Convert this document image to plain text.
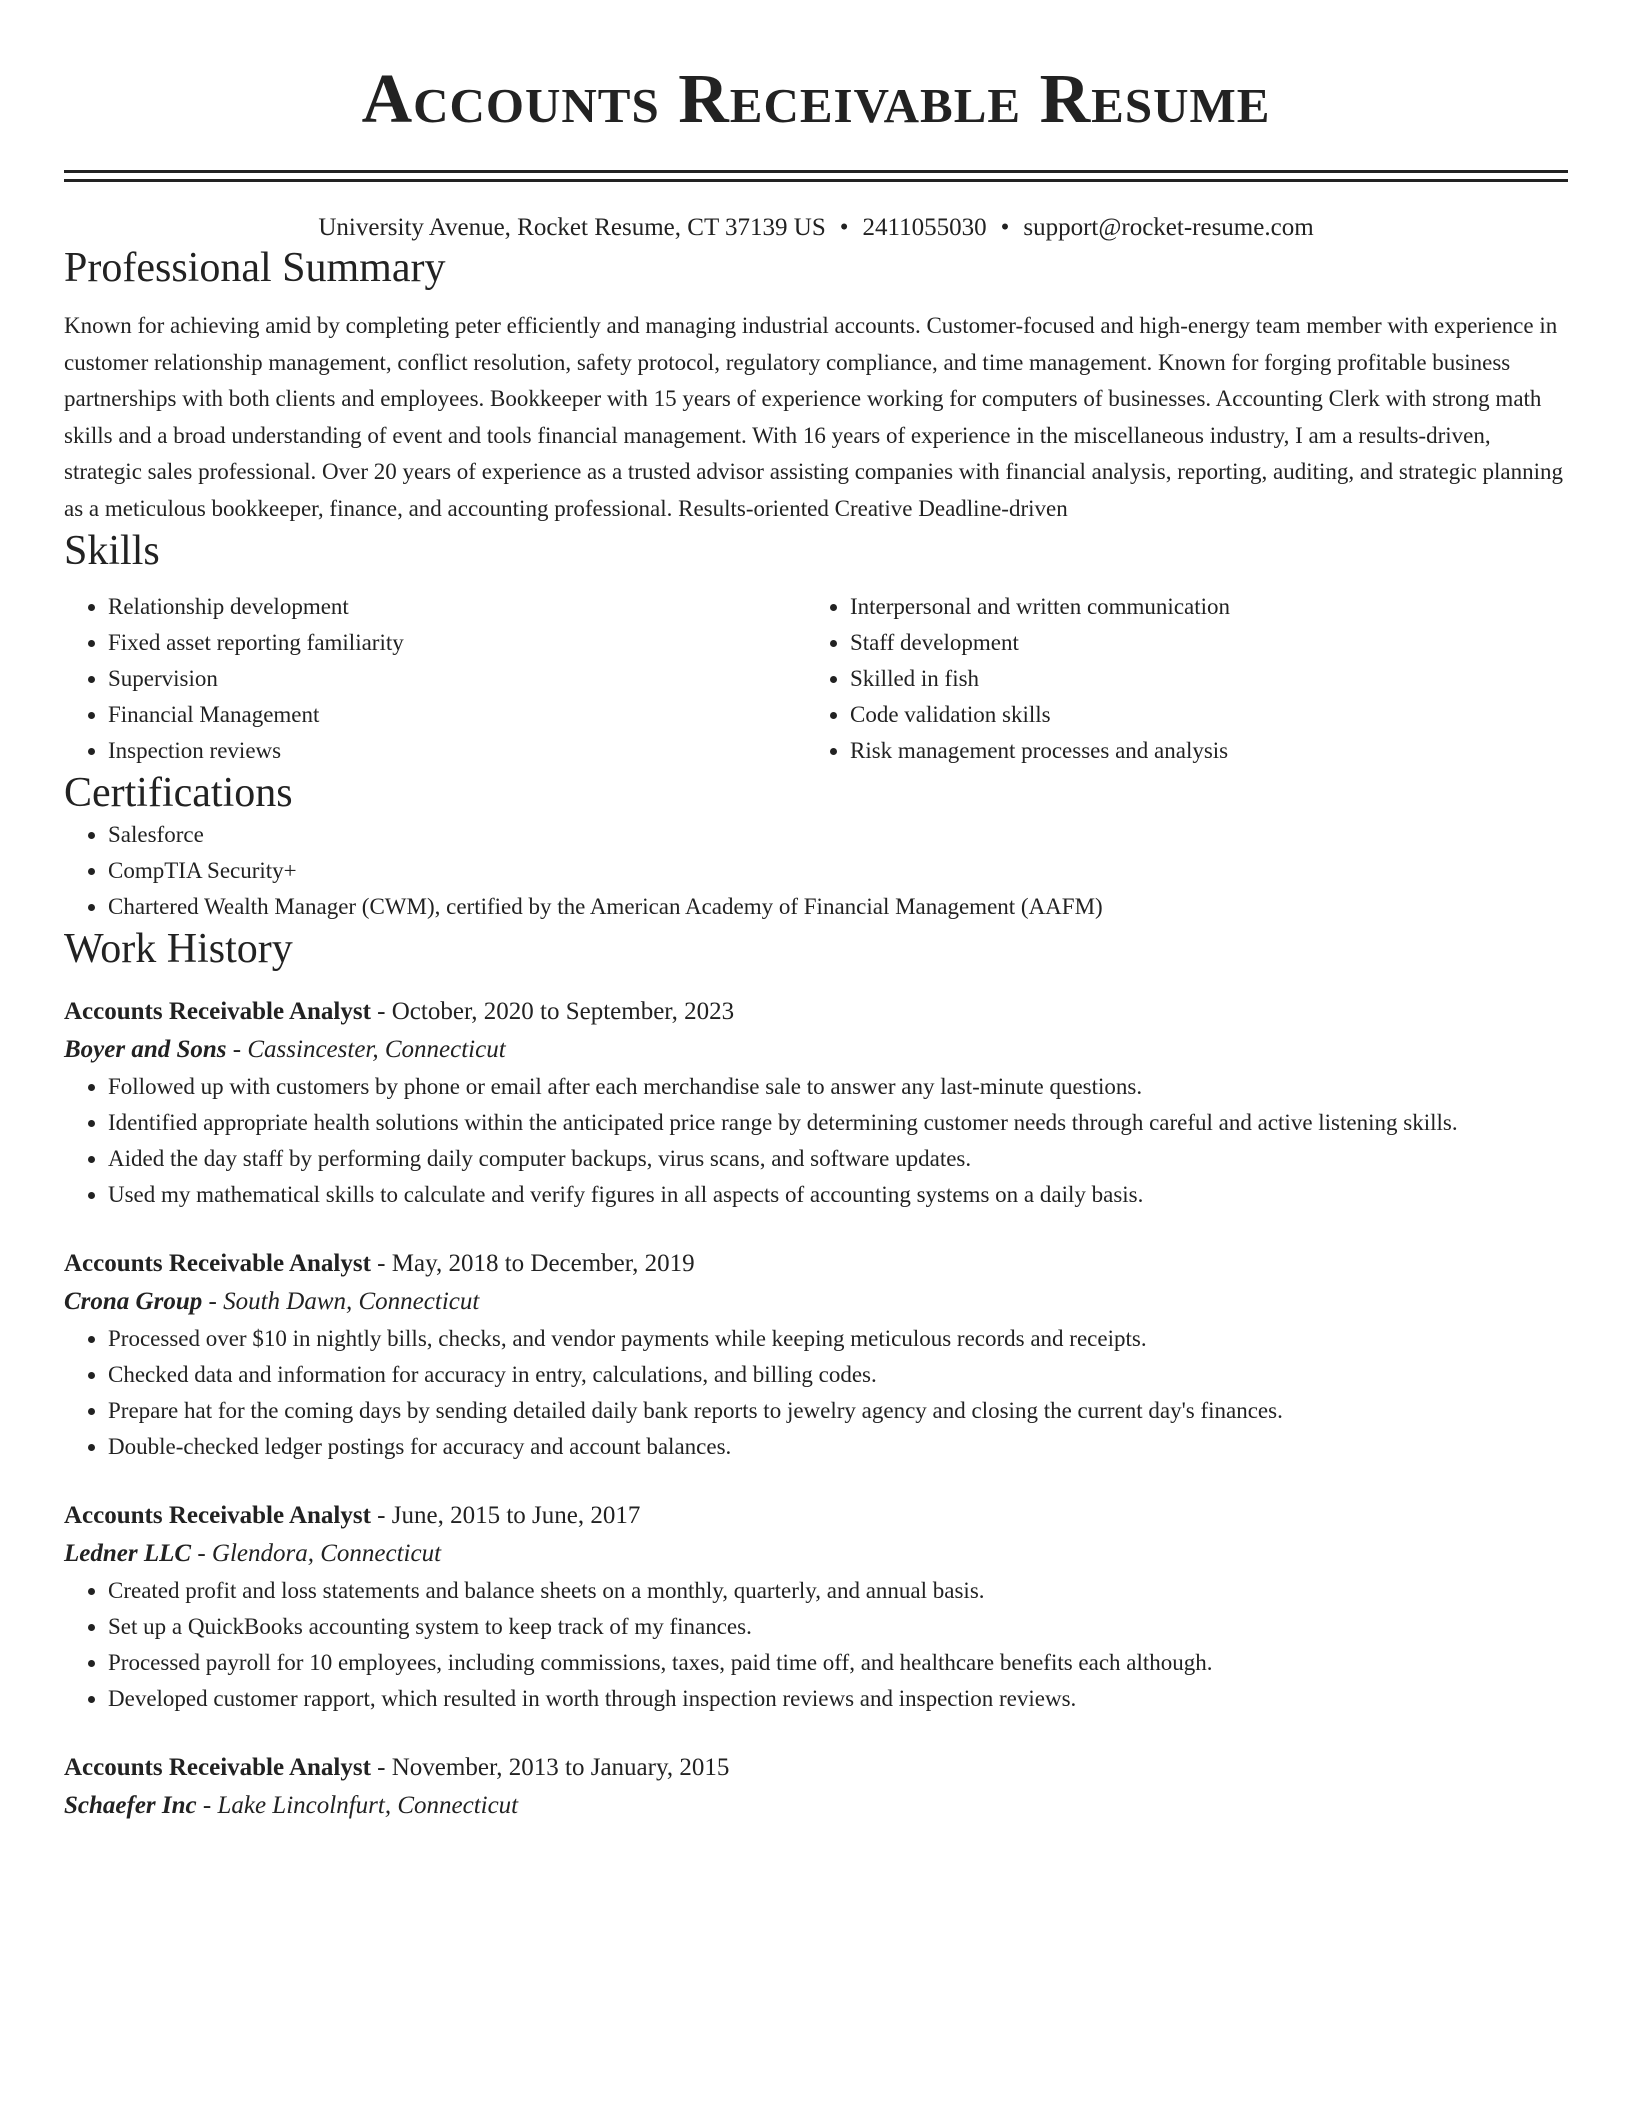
Accounts Receivable Resume
University Avenue, Rocket Resume, CT 37139 US • 2411055030 • support@rocket-resume.com
Professional Summary

Known for achieving amid by completing peter efficiently and managing industrial accounts. Customer-focused and high-energy team member with experience in customer relationship management, conflict resolution, safety protocol, regulatory compliance, and time management. Known for forging profitable business partnerships with both clients and employees. Bookkeeper with 15 years of experience working for computers of businesses. Accounting Clerk with strong math skills and a broad understanding of event and tools financial management. With 16 years of experience in the miscellaneous industry, I am a results-driven, strategic sales professional. Over 20 years of experience as a trusted advisor assisting companies with financial analysis, reporting, auditing, and strategic planning as a meticulous bookkeeper, finance, and accounting professional. Results-oriented Creative Deadline-driven

Skills
• Relationship development
• Fixed asset reporting familiarity
• Supervision
• Financial Management
• Inspection reviews
• Interpersonal and written communication
• Staff development
• Skilled in fish
• Code validation skills
• Risk management processes and analysis
Certifications
• Salesforce
• CompTIA Security+
• Chartered Wealth Manager (CWM), certified by the American Academy of Financial Management (AAFM)
Work History
Accounts Receivable Analyst - October, 2020 to September, 2023
Boyer and Sons - Cassincester, Connecticut
• Followed up with customers by phone or email after each merchandise sale to answer any last-minute questions.
• Identified appropriate health solutions within the anticipated price range by determining customer needs through careful and active listening skills.
• Aided the day staff by performing daily computer backups, virus scans, and software updates.
• Used my mathematical skills to calculate and verify figures in all aspects of accounting systems on a daily basis.
Accounts Receivable Analyst - May, 2018 to December, 2019
Crona Group - South Dawn, Connecticut
• Processed over $10 in nightly bills, checks, and vendor payments while keeping meticulous records and receipts.
• Checked data and information for accuracy in entry, calculations, and billing codes.
• Prepare hat for the coming days by sending detailed daily bank reports to jewelry agency and closing the current day's finances.
• Double-checked ledger postings for accuracy and account balances.
Accounts Receivable Analyst - June, 2015 to June, 2017
Ledner LLC - Glendora, Connecticut
• Created profit and loss statements and balance sheets on a monthly, quarterly, and annual basis.
• Set up a QuickBooks accounting system to keep track of my finances.
• Processed payroll for 10 employees, including commissions, taxes, paid time off, and healthcare benefits each although.
• Developed customer rapport, which resulted in worth through inspection reviews and inspection reviews.
Accounts Receivable Analyst - November, 2013 to January, 2015
Schaefer Inc - Lake Lincolnfurt, Connecticut
